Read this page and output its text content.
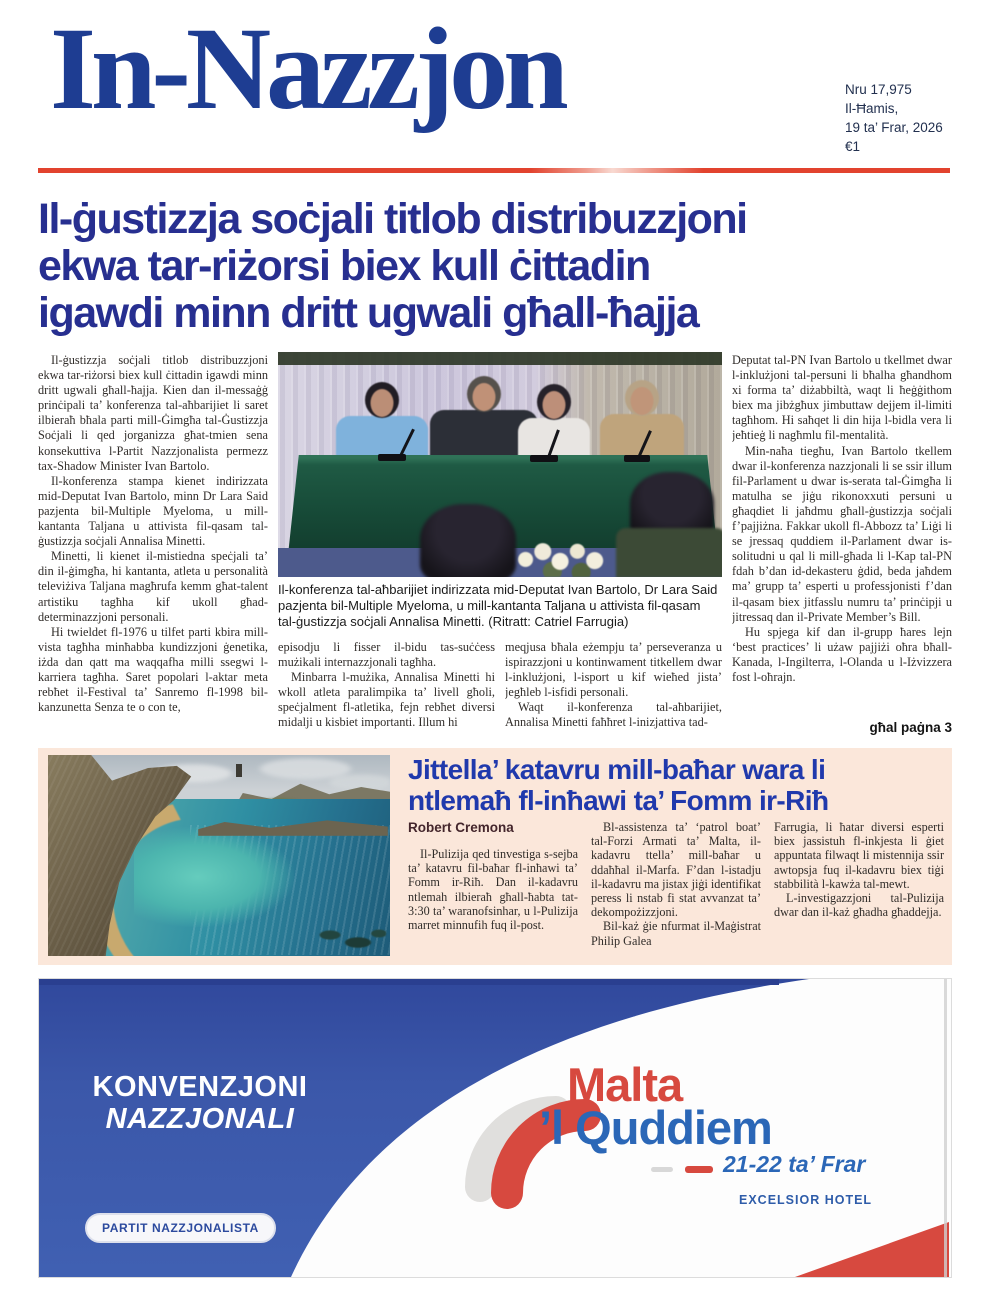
In-Nazzjon	Nru 17,975
Il-Ħamis,
19 ta’ Frar, 2026
€1
Il-ġustizzja soċjali titlob distribuzzjoni
ekwa tar-riżorsi biex kull ċittadin
igawdi minn dritt ugwali għall-ħajja

Il-ġustizzja soċjali titlob distribuzzjoni ekwa tar-riżorsi biex kull ċittadin igawdi minn dritt ugwali għall-ħajja. Kien dan il-messaġġ prinċipali ta’ konferenza tal-aħbarijiet li saret ilbieraħ bħala parti mill-Ġimgħa tal-Ġustizzja Soċjali li qed jorganizza għat-tmien sena konsekuttiva l-Partit Nazzjonalista permezz tax-Shadow Minister Ivan Bartolo.

Il-konferenza stampa kienet indirizzata mid-Deputat Ivan Bartolo, minn Dr Lara Said pazjenta bil-Multiple Myeloma, u mill-kantanta Taljana u attivista fil-qasam tal-ġustizzja soċjali Annalisa Minetti.

Minetti, li kienet il-mistiedna speċjali ta’ din il-ġimgħa, hi kantanta, atleta u personalità televiżiva Taljana magħrufa kemm għat-talent artistiku tagħha kif ukoll għad-determinazzjoni personali.

Hi twieldet fl-1976 u tilfet parti kbira mill-vista tagħha minħabba kundizzjoni ġenetika, iżda dan qatt ma waqqafha milli ssegwi l-karriera tagħha. Saret popolari l-aktar meta rebħet il-Festival ta’ Sanremo fl-1998 bil-kanzunetta Senza te o con te,

Il-konferenza tal-aħbarijiet indirizzata mid-Deputat Ivan Bartolo, Dr Lara Said pazjenta bil-Multiple Myeloma, u mill-kantanta Taljana u attivista fil-qasam tal-ġustizzja soċjali Annalisa Minetti. (Ritratt: Catriel Farrugia)

episodju li fisser il-bidu tas-suċċess mużikali internazzjonali tagħha.

Minbarra l-mużika, Annalisa Minetti hi wkoll atleta paralimpika ta’ livell għoli, speċjalment fl-atletika, fejn rebħet diversi midalji u kisbiet importanti. Illum hi

meqjusa bħala eżempju ta’ perseveranza u ispirazzjoni u kontinwament titkellem dwar l-inklużjoni, l-isport u kif wieħed jista’ jegħleb l-isfidi personali.

Waqt il-konferenza tal-aħbarijiet, Annalisa Minetti faħħret l-inizjattiva tad-

Deputat tal-PN Ivan Bartolo u tkellmet dwar l-inklużjoni tal-persuni li bħalha għandhom xi forma ta’ diżabbiltà, waqt li ħeġġithom biex ma jibżgħux jimbuttaw dejjem il-limiti tagħhom. Hi saħqet li din hija l-bidla vera li jeħtieġ li nagħmlu fil-mentalità.

Min-naħa tiegħu, Ivan Bartolo tkellem dwar il-konferenza nazzjonali li se ssir illum fil-Parlament u dwar is-serata tal-Ġimgħa li matulha se jiġu rikonoxxuti persuni u għaqdiet li jaħdmu għall-ġustizzja soċjali f’pajjiżna. Fakkar ukoll fl-Abbozz ta’ Liġi li se jressaq quddiem il-Parlament dwar is-solitudni u qal li mill-għada li l-Kap tal-PN fdah b’dan id-dekasteru ġdid, beda jaħdem ma’ grupp ta’ esperti u professjonisti f’dan il-qasam biex jitfasslu numru ta’ prinċipji u jitressaq dan il-Private Member’s Bill.

Hu spjega kif dan il-grupp ħares lejn ‘best practices’ li użaw pajjiżi oħra bħall-Kanada, l-Ingilterra, l-Olanda u l-Iżvizzera fost l-oħrajn.

għal paġna 3
Jittella’ katavru mill-baħar wara li
ntlemaħ fl-inħawi ta’ Fomm ir-Riħ
Robert Cremona

Il-Pulizija qed tinvestiga s-sejba ta’ katavru fil-baħar fl-inħawi ta’ Fomm ir-Riħ. Dan il-kadavru ntlemah ilbieraħ għall-ħabta tat-3:30 ta’ waranofsinhar, u l-Pulizija marret minnufih fuq il-post.

Bl-assistenza ta’ ‘patrol boat’ tal-Forzi Armati ta’ Malta, il-kadavru ttella’ mill-baħar u ddaħħal il-Marfa. F’dan l-istadju il-kadavru ma jistax jiġi identifikat peress li nstab fi stat avvanzat ta’ dekompożizzjoni.

Bil-każ ġie nfurmat il-Maġistrat Philip Galea

Farrugia, li ħatar diversi esperti biex jassistuh fl-inkjesta li ġiet appuntata filwaqt li mistennija ssir awtopsja fuq il-kadavru biex tiġi stabbilità l-kawża tal-mewt.

L-investigazzjoni tal-Pulizija dwar dan il-każ għadha għaddejja.

KONVENZJONI
NAZZJONALI
PARTIT NAZZJONALISTA
Malta
’l Quddiem
21-22 ta’ Frar
EXCELSIOR HOTEL
